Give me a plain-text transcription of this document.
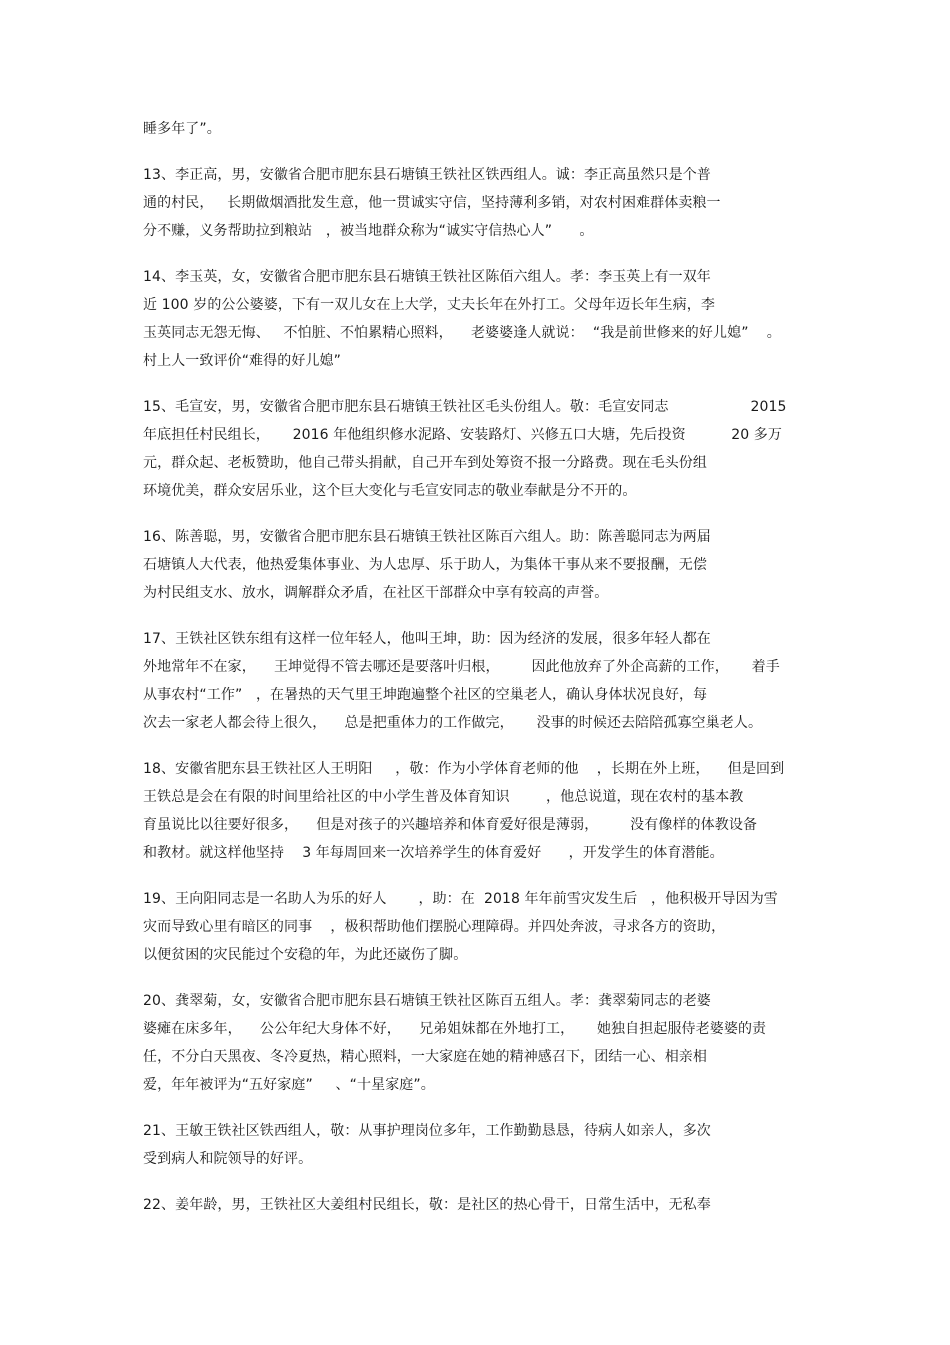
睡多年了”。
13、李正高，男，安徽省合肥市肥东县石塘镇王铁社区铁西组人。诚：李正高虽然只是个普
通的村民，   长期做烟酒批发生意，他一贯诚实守信，坚持薄利多销，对农村困难群体卖粮一
分不赚，义务帮助拉到粮站   ，被当地群众称为“诚实守信热心人”      。
14、李玉英，女，安徽省合肥市肥东县石塘镇王铁社区陈佰六组人。孝：李玉英上有一双年
近 100 岁的公公婆婆，下有一双儿女在上大学，丈夫长年在外打工。父母年迈长年生病，李
玉英同志无怨无悔、   不怕脏、不怕累精心照料，    老婆婆逢人就说：  “我是前世修来的好儿媳”    。
村上人一致评价“难得的好儿媳”
15、毛宣安，男，安徽省合肥市肥东县石塘镇王铁社区毛头份组人。敬：毛宣安同志                  2015
年底担任村民组长，     2016 年他组织修水泥路、安装路灯、兴修五口大塘，先后投资          20 多万
元，群众起、老板赞助，他自己带头捐献，自己开车到处筹资不报一分路费。现在毛头份组
环境优美，群众安居乐业，这个巨大变化与毛宣安同志的敬业奉献是分不开的。
16、陈善聪，男，安徽省合肥市肥东县石塘镇王铁社区陈百六组人。助：陈善聪同志为两届
石塘镇人大代表，他热爱集体事业、为人忠厚、乐于助人，为集体干事从来不要报酬，无偿
为村民组支水、放水，调解群众矛盾，在社区干部群众中享有较高的声誉。
17、王铁社区铁东组有这样一位年轻人，他叫王坤，助：因为经济的发展，很多年轻人都在
外地常年不在家，    王坤觉得不管去哪还是要落叶归根，       因此他放弃了外企高薪的工作，     着手
从事农村“工作”   ，在暑热的天气里王坤跑遍整个社区的空巢老人，确认身体状况良好，每
次去一家老人都会待上很久，    总是把重体力的工作做完，     没事的时候还去陪陪孤寡空巢老人。
18、安徽省肥东县王铁社区人王明阳     ，敬：作为小学体育老师的他    ，长期在外上班，    但是回到
王铁总是会在有限的时间里给社区的中小学生普及体育知识        ，他总说道，现在农村的基本教
育虽说比以往要好很多，    但是对孩子的兴趣培养和体育爱好很是薄弱，       没有像样的体教设备
和教材。就这样他坚持    3 年每周回来一次培养学生的体育爱好      ，开发学生的体育潜能。
19、王向阳同志是一名助人为乐的好人       ，助：在  2018 年年前雪灾发生后   ，他积极开导因为雪
灾而导致心里有暗区的同事    ，极积帮助他们摆脱心理障碍。并四处奔波，寻求各方的资助，
以便贫困的灾民能过个安稳的年，为此还崴伤了脚。
20、龚翠菊，女，安徽省合肥市肥东县石塘镇王铁社区陈百五组人。孝：龚翠菊同志的老婆
婆瘫在床多年，    公公年纪大身体不好，    兄弟姐妹都在外地打工，     她独自担起服侍老婆婆的责
任，不分白天黑夜、冬冷夏热，精心照料，一大家庭在她的精神感召下，团结一心、相亲相
爱，年年被评为“五好家庭”     、“十星家庭”。
21、王敏王铁社区铁西组人，敬：从事护理岗位多年，工作勤勤恳恳，待病人如亲人，多次
受到病人和院领导的好评。
22、姜年龄，男，王铁社区大姜组村民组长，敬：是社区的热心骨干，日常生活中，无私奉
